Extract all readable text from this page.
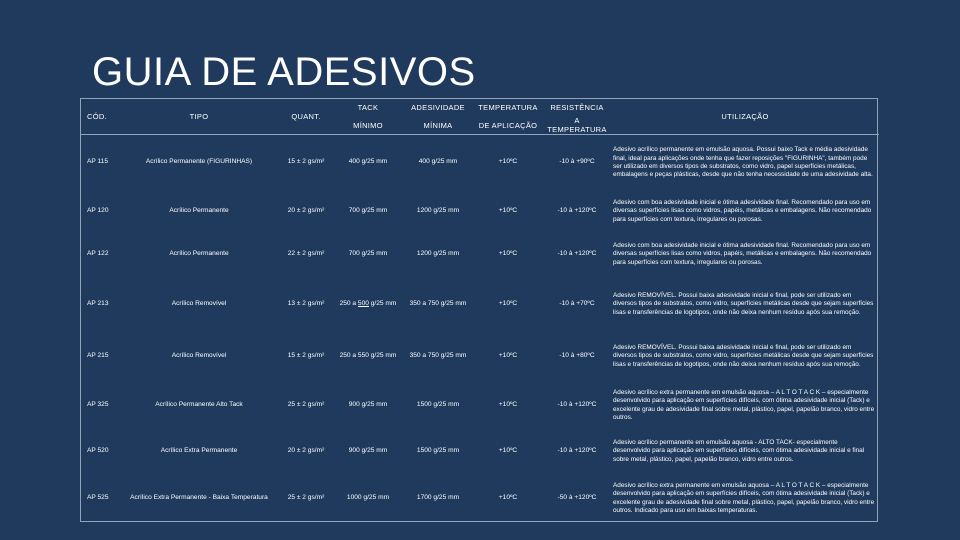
GUIA DE ADESIVOS
CÓD.	TIPO	QUANT.	TACK	ADESIVIDADE	TEMPERATURA	RESISTÊNCIA	UTILIZAÇÃO
			MÍNIMO	MÍNIMA	DE APLICAÇÃO	A TEMPERATURA	
AP 115	Acrílico Permanente (FIGURINHAS)	15 ± 2 gs/m²	400 g/25 mm	400 g/25 mm	+10ºC	-10 à +90ºC	Adesivo acrílico permanente em emulsão aquosa. Possui baixo Tack e média adesividade final, ideal para aplicações onde tenha que fazer reposições "FIGURINHA", também pode ser utilizado em diversos tipos de substratos, como vidro, papel superfícies metálicas, embalagens e peças plásticas, desde que não tenha necessidade de uma adesividade alta.
AP 120	Acrílico Permanente	20 ± 2 gs/m²	700 g/25 mm	1200 g/25 mm	+10ºC	-10 à +120ºC	Adesivo com boa adesividade inicial e ótima adesividade final. Recomendado para uso em diversas superfícies lisas como vidros, papéis, metálicas e embalagens. Não recomendado para superfícies com textura, irregulares ou porosas.
AP 122	Acrílico Permanente	22 ± 2 gs/m²	700 g/25 mm	1200 g/25 mm	+10ºC	-10 à +120ºC	Adesivo com boa adesividade inicial e ótima adesividade final. Recomendado para uso em diversas superfícies lisas como vidros, papéis, metálicas e embalagens. Não recomendado para superfícies com textura, irregulares ou porosas.
AP 213	Acrílico Removível	13 ± 2 gs/m²	250 a 500 g/25 mm	350 a 750 g/25 mm	+10ºC	-10 à +70ºC	Adesivo REMOVÍVEL. Possui baixa adesividade inicial e final, pode ser utilizado em diversos tipos de substratos, como vidro, superfícies metálicas desde que sejam superfícies lisas e transferências de logotipos, onde não deixa nenhum resíduo após sua remoção.
AP 215	Acrílico Removível	15 ± 2 gs/m²	250 a 550 g/25 mm	350 a 750 g/25 mm	+10ºC	-10 à +80ºC	Adesivo REMOVÍVEL. Possui baixa adesividade inicial e final, pode ser utilizado em diversos tipos de substratos, como vidro, superfícies metálicas desde que sejam superfícies lisas e transferências de logotipos, onde não deixa nenhum resíduo após sua remoção.
AP 325	Acrílico Permanente Alto Tack	25 ± 2 gs/m²	900 g/25 mm	1500 g/25 mm	+10ºC	-10 à +120ºC	Adesivo acrílico extra permanente em emulsão aquosa – A L T O T A C K – especialmente desenvolvido para aplicação em superfícies difíceis, com ótima adesividade inicial (Tack) e excelente grau de adesividade final sobre metal, plástico, papel, papelão branco, vidro entre outros.
AP 520	Acrílico Extra Permanente	20 ± 2 gs/m²	900 g/25 mm	1500 g/25 mm	+10ºC	-10 à +120ºC	Adesivo acrílico permanente em emulsão aquosa - ALTO TACK- especialmente desenvolvido para aplicação em superfícies difíceis, com ótima adesividade inicial e final sobre metal, plástico, papel, papelão branco, vidro entre outros.
AP 525	Acrílico Extra Permanente - Baixa Temperatura	25 ± 2 gs/m²	1000 g/25 mm	1700 g/25 mm	+10ºC	-50 à +120ºC	Adesivo acrílico extra permanente em emulsão aquosa – A L T O T A C K – especialmente desenvolvido para aplicação em superfícies difíceis, com ótima adesividade inicial (Tack) e excelente grau de adesividade final sobre metal, plástico, papel, papelão branco, vidro entre outros. Indicado para uso em baixas temperaturas.
